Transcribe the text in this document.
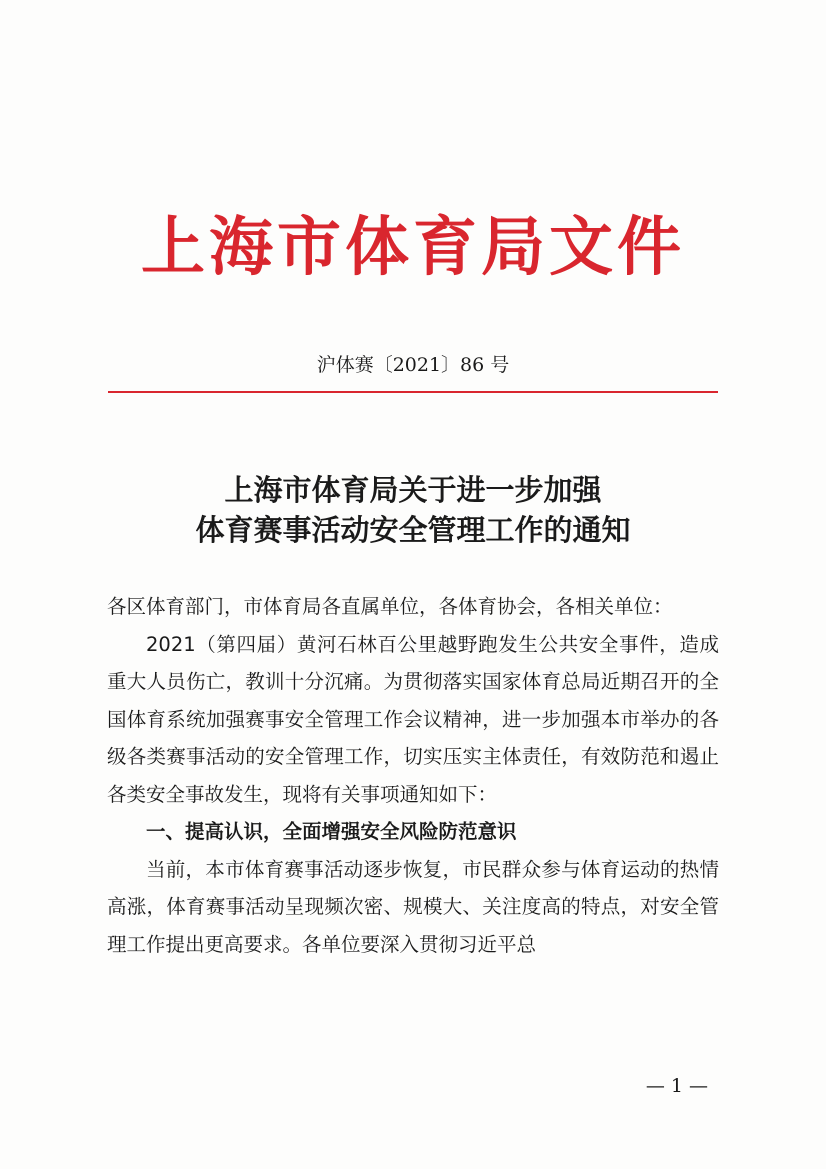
上海市体育局文件
沪体赛〔2021〕86 号
上海市体育局关于进一步加强
体育赛事活动安全管理工作的通知

各区体育部门，市体育局各直属单位，各体育协会，各相关单位：

2021（第四届）黄河石林百公里越野跑发生公共安全事件，造成重大人员伤亡，教训十分沉痛。为贯彻落实国家体育总局近期召开的全国体育系统加强赛事安全管理工作会议精神，进一步加强本市举办的各级各类赛事活动的安全管理工作，切实压实主体责任，有效防范和遏止各类安全事故发生，现将有关事项通知如下：

一、提高认识，全面增强安全风险防范意识

当前，本市体育赛事活动逐步恢复，市民群众参与体育运动的热情高涨，体育赛事活动呈现频次密、规模大、关注度高的特点，对安全管理工作提出更高要求。各单位要深入贯彻习近平总

— 1 —
